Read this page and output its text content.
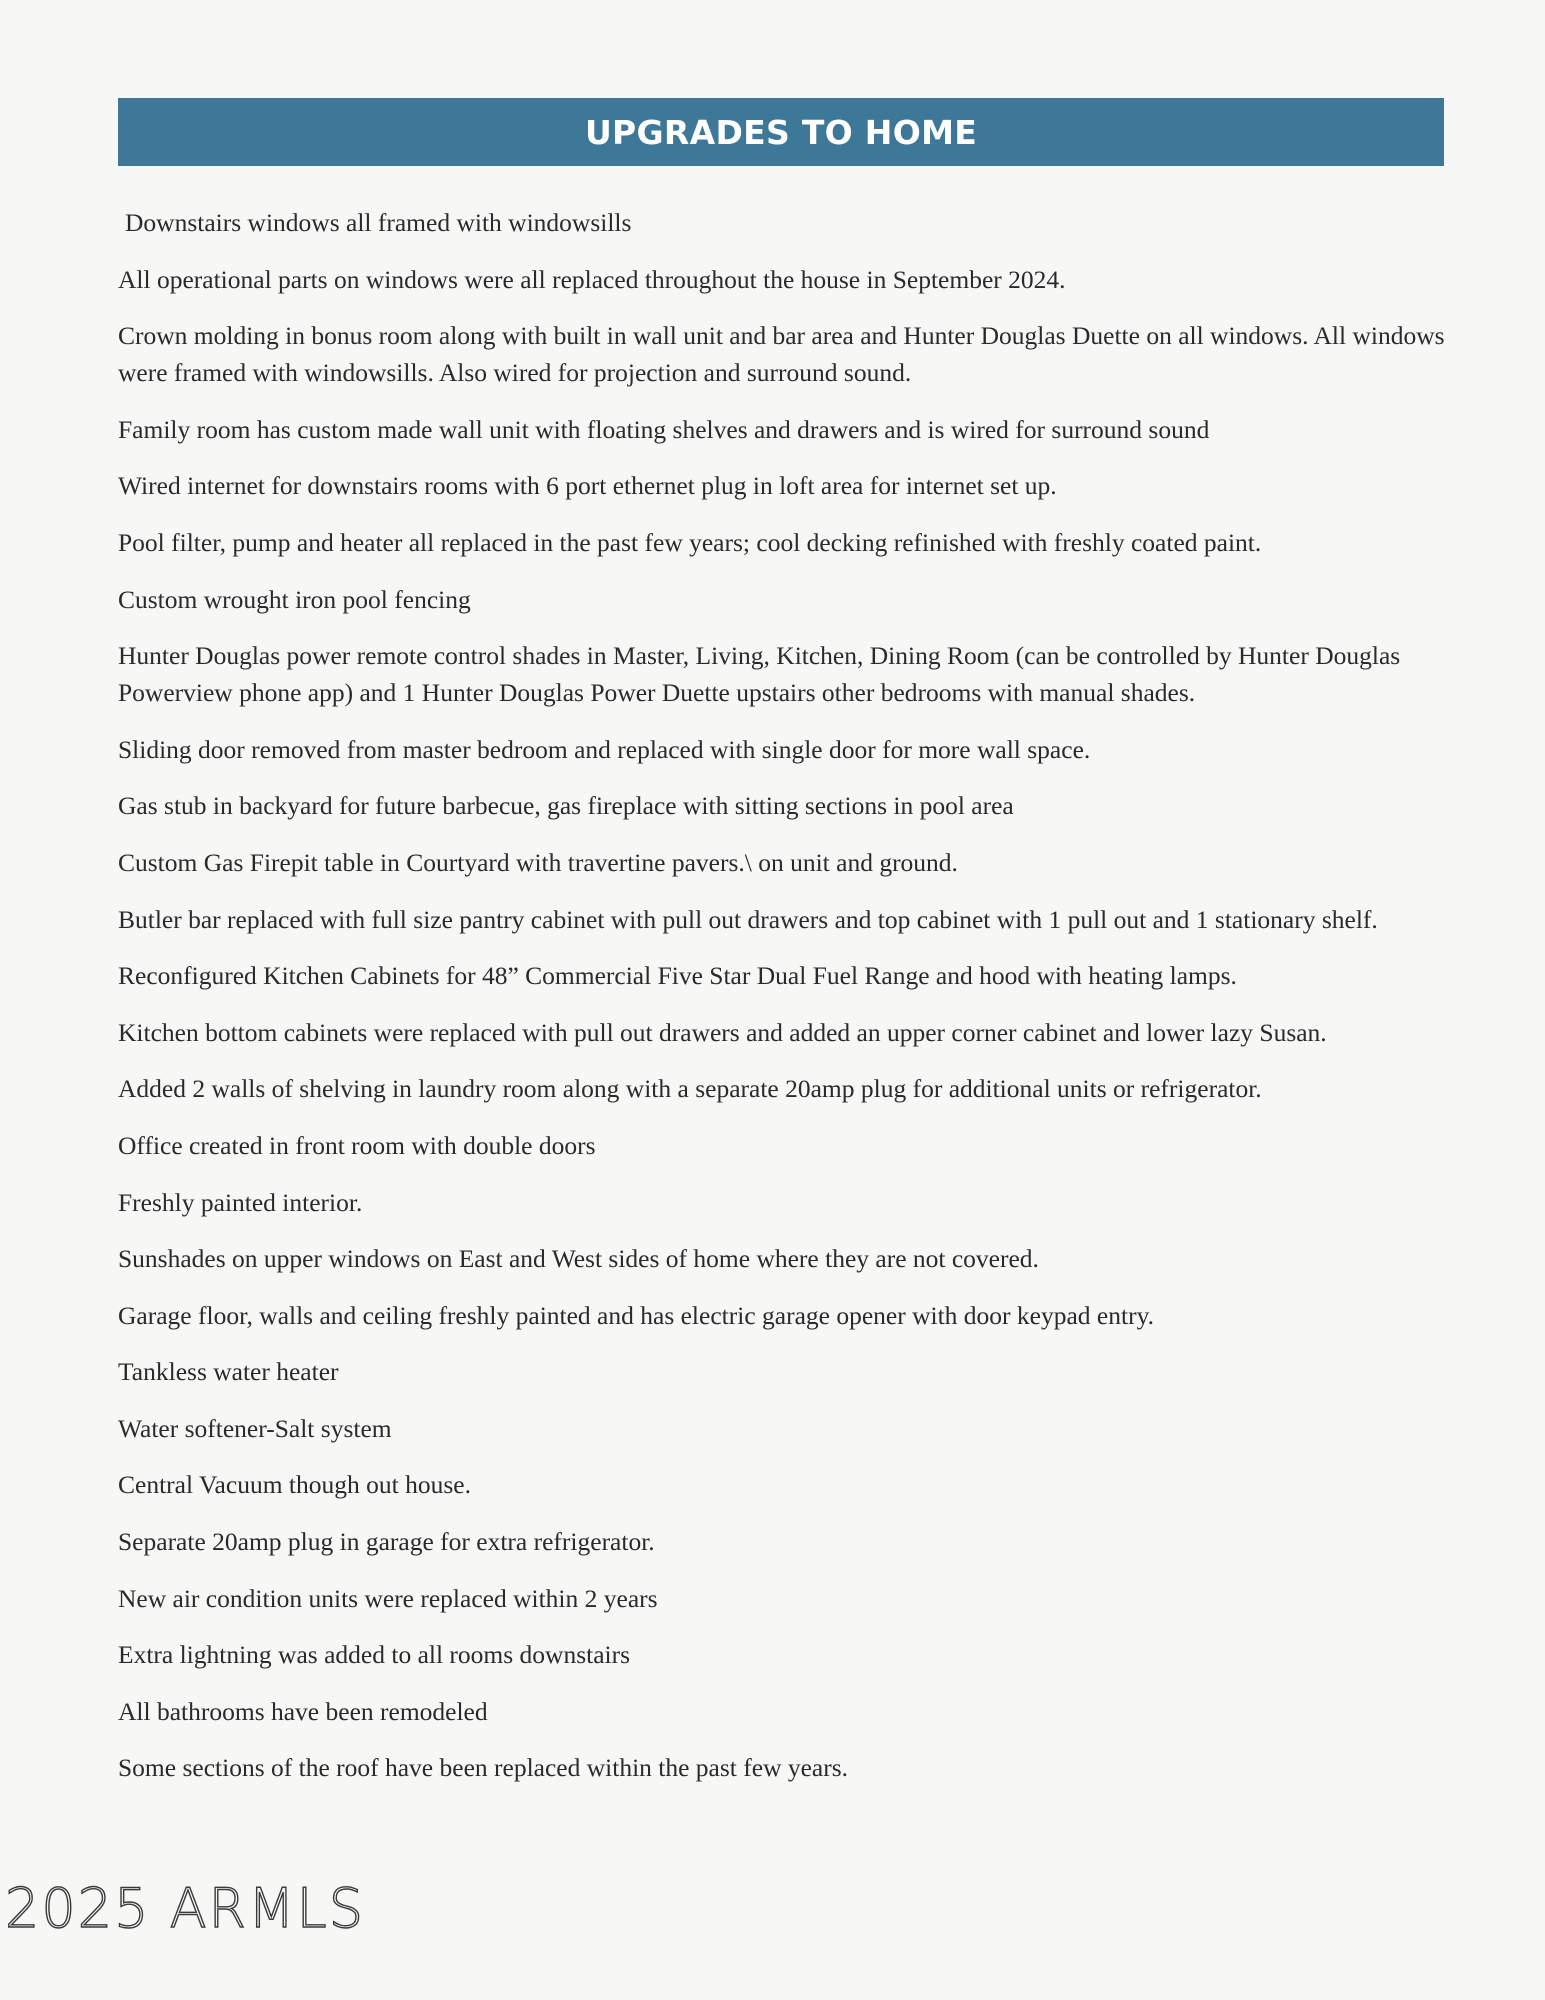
UPGRADES TO HOME
Downstairs windows all framed with windowsills
All operational parts on windows were all replaced throughout the house in September 2024.
Crown molding in bonus room along with built in wall unit and bar area and Hunter Douglas Duette on all windows. All windows were framed with windowsills. Also wired for projection and surround sound.
Family room has custom made wall unit with floating shelves and drawers and is wired for surround sound
Wired internet for downstairs rooms with 6 port ethernet plug in loft area for internet set up.
Pool filter, pump and heater all replaced in the past few years; cool decking refinished with freshly coated paint.
Custom wrought iron pool fencing
Hunter Douglas power remote control shades in Master, Living, Kitchen, Dining Room (can be controlled by Hunter Douglas Powerview phone app) and 1 Hunter Douglas Power Duette upstairs other bedrooms with manual shades.
Sliding door removed from master bedroom and replaced with single door for more wall space.
Gas stub in backyard for future barbecue, gas fireplace with sitting sections in pool area
Custom Gas Firepit table in Courtyard with travertine pavers.\ on unit and ground.
Butler bar replaced with full size pantry cabinet with pull out drawers and top cabinet with 1 pull out and 1 stationary shelf.
Reconfigured Kitchen Cabinets for 48” Commercial Five Star Dual Fuel Range and hood with heating lamps.
Kitchen bottom cabinets were replaced with pull out drawers and added an upper corner cabinet and lower lazy Susan.
Added 2 walls of shelving in laundry room along with a separate 20amp plug for additional units or refrigerator.
Office created in front room with double doors
Freshly painted interior.
Sunshades on upper windows on East and West sides of home where they are not covered.
Garage floor, walls and ceiling freshly painted and has electric garage opener with door keypad entry.
Tankless water heater
Water softener-Salt system
Central Vacuum though out house.
Separate 20amp plug in garage for extra refrigerator.
New air condition units were replaced within 2 years
Extra lightning was added to all rooms downstairs
All bathrooms have been remodeled
Some sections of the roof have been replaced within the past few years.
2025 ARMLS
